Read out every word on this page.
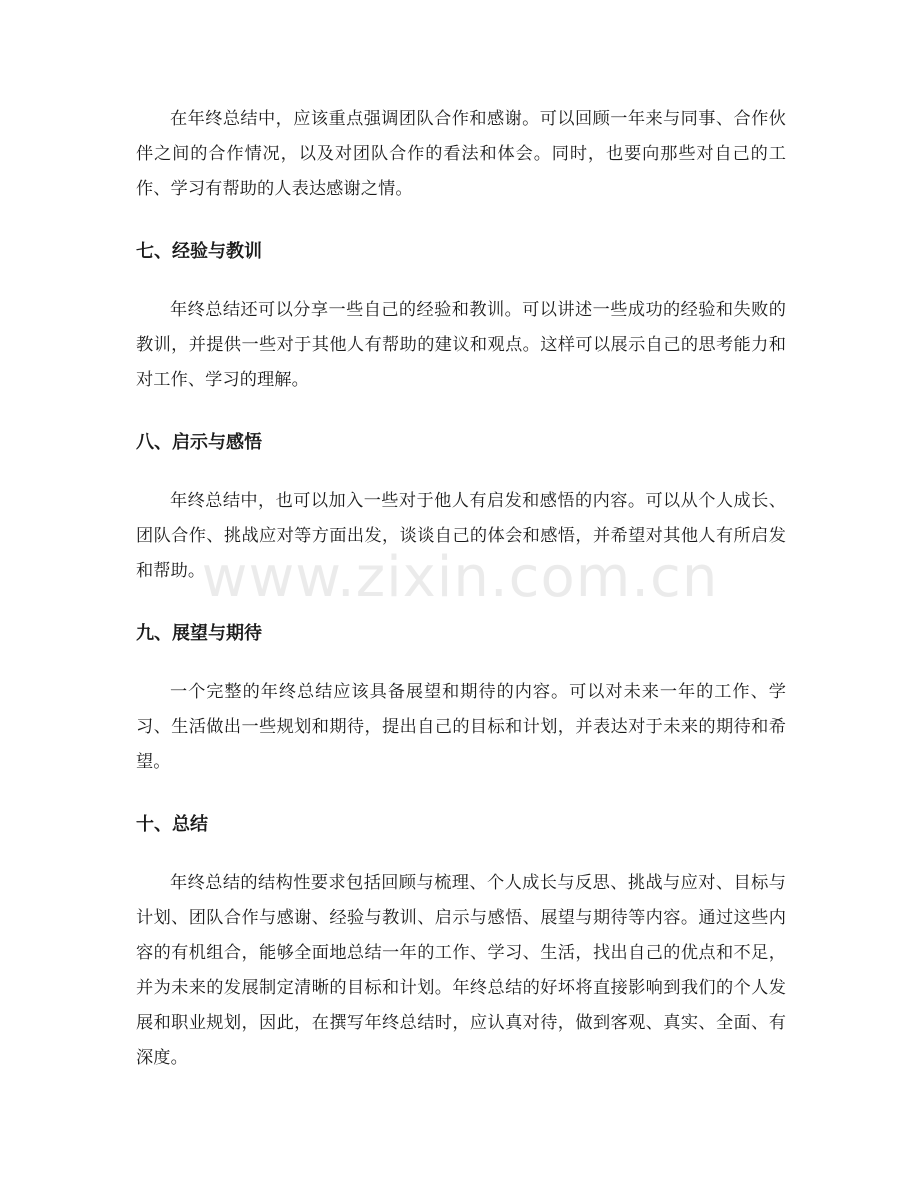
在年终总结中，应该重点强调团队合作和感谢。可以回顾一年来与同事、合作伙伴之间的合作情况，以及对团队合作的看法和体会。同时，也要向那些对自己的工作、学习有帮助的人表达感谢之情。

七、经验与教训

年终总结还可以分享一些自己的经验和教训。可以讲述一些成功的经验和失败的教训，并提供一些对于其他人有帮助的建议和观点。这样可以展示自己的思考能力和对工作、学习的理解。

八、启示与感悟

年终总结中，也可以加入一些对于他人有启发和感悟的内容。可以从个人成长、团队合作、挑战应对等方面出发，谈谈自己的体会和感悟，并希望对其他人有所启发和帮助。

九、展望与期待

一个完整的年终总结应该具备展望和期待的内容。可以对未来一年的工作、学习、生活做出一些规划和期待，提出自己的目标和计划，并表达对于未来的期待和希望。

十、总结

年终总结的结构性要求包括回顾与梳理、个人成长与反思、挑战与应对、目标与计划、团队合作与感谢、经验与教训、启示与感悟、展望与期待等内容。通过这些内容的有机组合，能够全面地总结一年的工作、学习、生活，找出自己的优点和不足，并为未来的发展制定清晰的目标和计划。年终总结的好坏将直接影响到我们的个人发展和职业规划，因此，在撰写年终总结时，应认真对待，做到客观、真实、全面、有深度。

www.zixin.com.cn
